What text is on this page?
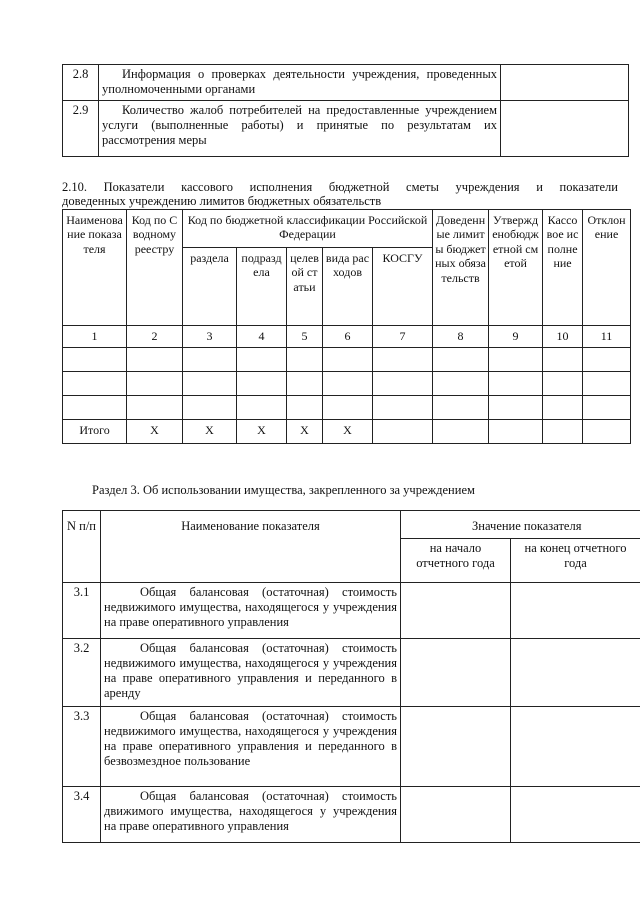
2.8	Информация о проверках деятельности учреждения, проведенных уполномоченными органами	
2.9	Количество жалоб потребителей на предоставленные учреждением услуги (выполненные работы) и принятые по результатам их рассмотрения меры	
2.10. Показатели кассового исполнения бюджетной сметы учреждения и показатели
доведенных учреждению лимитов бюджетных обязательств
Наименование показателя	Код по Сводному реестру	Код по бюджетной классификации Российской Федерации					Доведенные лимиты бюджетных обязательств	Утвержденобюджетной сметой	Кассовое исполнение	Отклонение
		раздела	подраздела	целевой статьи	вида расходов	КОСГУ				
1	2	3	4	5	6	7	8	9	10	11

Итого	X	X	X	X	X					
Раздел 3. Об использовании имущества, закрепленного за учреждением
N п/п	Наименование показателя	Значение показателя		
		на начало отчетного года	на конец отчетного года	
3.1	Общая балансовая (остаточная) стоимость недвижимого имущества, находящегося у учреждения на праве оперативного управления			
3.2	Общая балансовая (остаточная) стоимость недвижимого имущества, находящегося у учреждения на праве оперативного управления и переданного в аренду			
3.3	Общая балансовая (остаточная) стоимость недвижимого имущества, находящегося у учреждения на праве оперативного управления и переданного в безвозмездное пользование			
3.4	Общая балансовая (остаточная) стоимость движимого имущества, находящегося у учреждения на праве оперативного управления			
